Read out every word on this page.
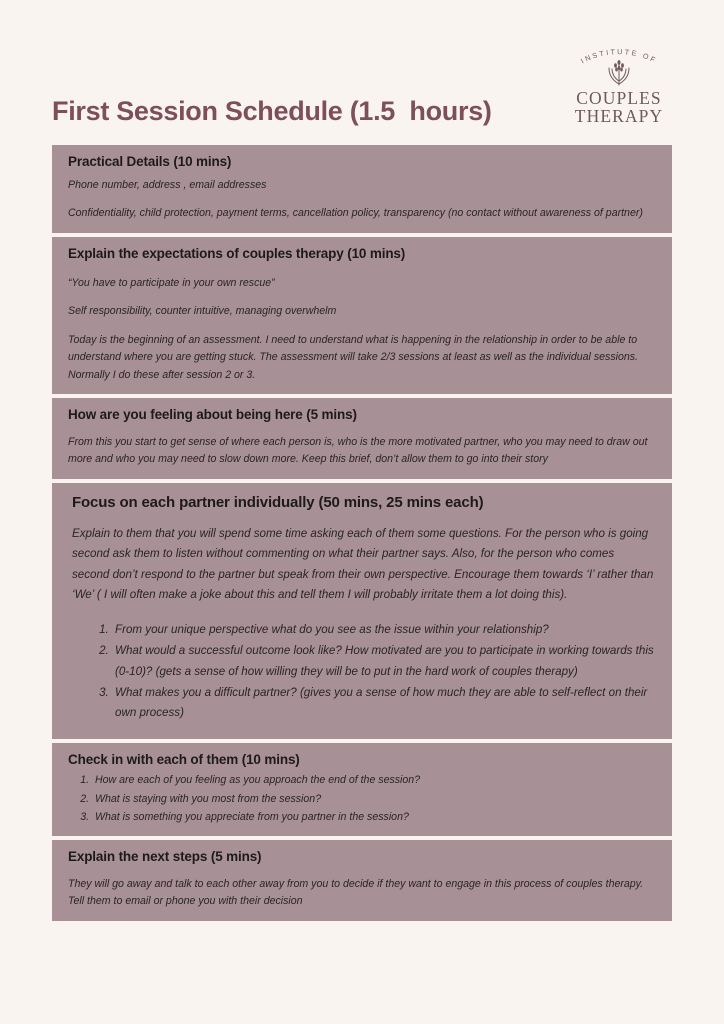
INSTITUTE OF
COUPLES
THERAPY
First Session Schedule (1.5  hours)
Practical Details (10 mins)

Phone number, address , email addresses

Confidentiality, child protection, payment terms, cancellation policy, transparency (no contact without awareness of partner)

Explain the expectations of couples therapy (10 mins)

“You have to participate in your own rescue”

Self responsibility, counter intuitive, managing overwhelm

Today is the beginning of an assessment. I need to understand what is happening in the relationship in order to be able to understand where you are getting stuck. The assessment will take 2/3 sessions at least as well as the individual sessions. Normally I do these after session 2 or 3.

How are you feeling about being here (5 mins)

From this you start to get sense of where each person is, who is the more motivated partner, who you may need to draw out more and who you may need to slow down more. Keep this brief, don’t allow them to go into their story

Focus on each partner individually (50 mins, 25 mins each)

Explain to them that you will spend some time asking each of them some questions. For the person who is going second ask them to listen without commenting on what their partner says. Also, for the person who comes second don’t respond to the partner but speak from their own perspective. Encourage them towards ‘I’ rather than ‘We’ ( I will often make a joke about this and tell them I will probably irritate them a lot doing this).

1. From your unique perspective what do you see as the issue within your relationship?
2. What would a successful outcome look like? How motivated are you to participate in working towards this (0-10)? (gets a sense of how willing they will be to put in the hard work of couples therapy)
3. What makes you a difficult partner? (gives you a sense of how much they are able to self-reflect on their own process)
Check in with each of them (10 mins)
1. How are each of you feeling as you approach the end of the session?
2. What is staying with you most from the session?
3. What is something you appreciate from you partner in the session?
Explain the next steps (5 mins)

They will go away and talk to each other away from you to decide if they want to engage in this process of couples therapy. Tell them to email or phone you with their decision
